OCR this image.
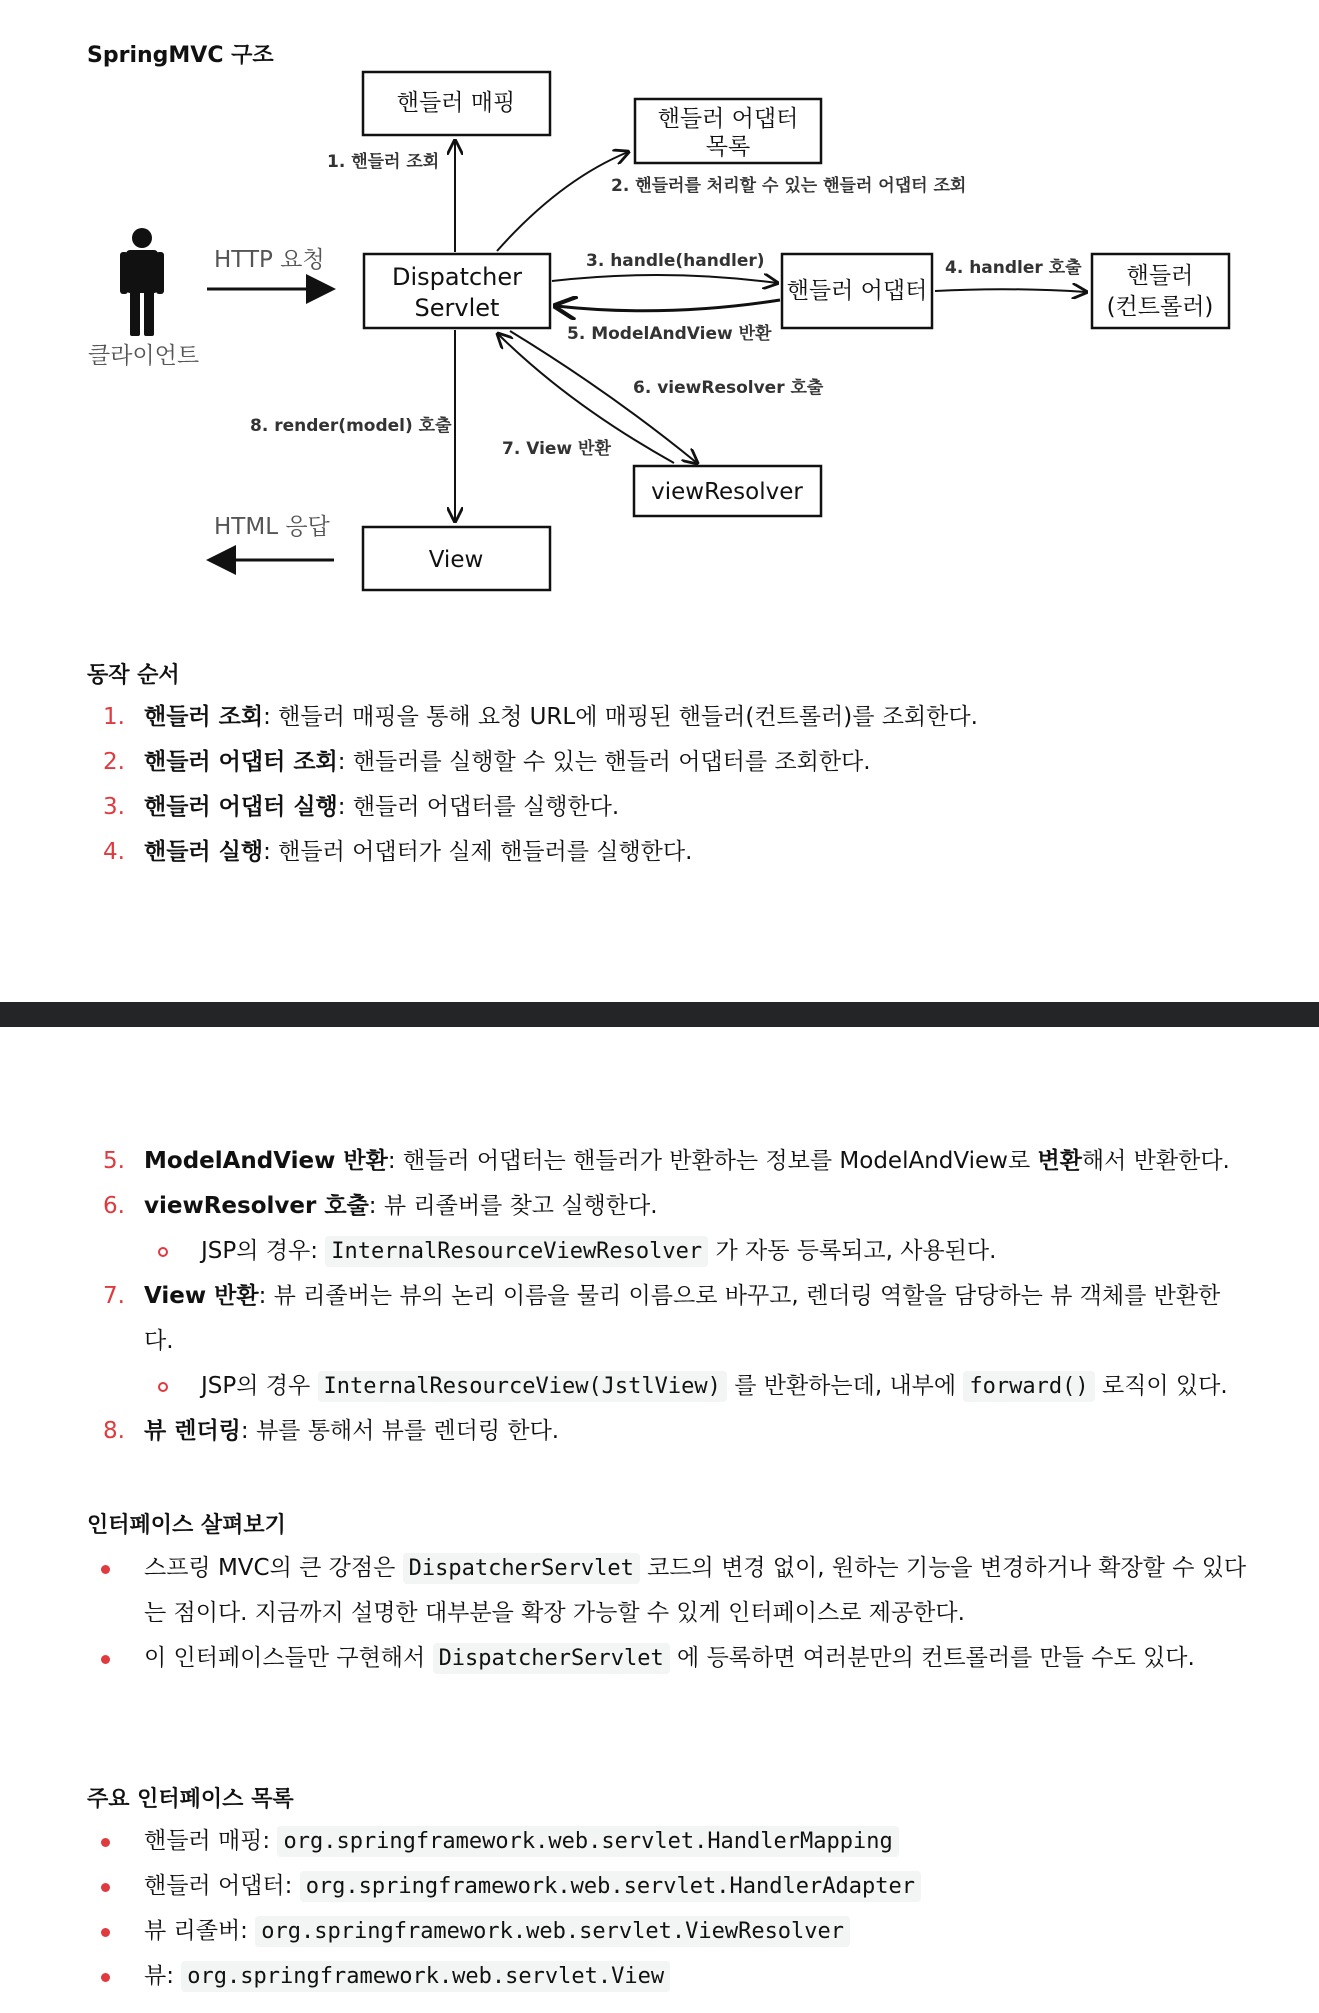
SpringMVC 구조
클라이언트
HTTP 요청
HTML 응답
핸들러 매핑
핸들러 어댑터
목록
Dispatcher
Servlet
핸들러 어댑터
핸들러
(컨트롤러)
viewResolver
View
1. 핸들러 조회
2. 핸들러를 처리할 수 있는 핸들러 어댑터 조회
3. handle(handler)
5. ModelAndView 반환
4. handler 호출
6. viewResolver 호출
7. View 반환
8. render(model) 호출
동작 순서
1. 핸들러 조회: 핸들러 매핑을 통해 요청 URL에 매핑된 핸들러(컨트롤러)를 조회한다.
2. 핸들러 어댑터 조회: 핸들러를 실행할 수 있는 핸들러 어댑터를 조회한다.
3. 핸들러 어댑터 실행: 핸들러 어댑터를 실행한다.
4. 핸들러 실행: 핸들러 어댑터가 실제 핸들러를 실행한다.
5. ModelAndView 반환: 핸들러 어댑터는 핸들러가 반환하는 정보를 ModelAndView로 변환해서 반환한다.
6. viewResolver 호출: 뷰 리졸버를 찾고 실행한다.
JSP의 경우: InternalResourceViewResolver 가 자동 등록되고, 사용된다.
7. View 반환: 뷰 리졸버는 뷰의 논리 이름을 물리 이름으로 바꾸고, 렌더링 역할을 담당하는 뷰 객체를 반환한다.
JSP의 경우 InternalResourceView(JstlView) 를 반환하는데, 내부에 forward() 로직이 있다.
8. 뷰 렌더링: 뷰를 통해서 뷰를 렌더링 한다.
인터페이스 살펴보기
스프링 MVC의 큰 강점은 DispatcherServlet 코드의 변경 없이, 원하는 기능을 변경하거나 확장할 수 있다는 점이다. 지금까지 설명한 대부분을 확장 가능할 수 있게 인터페이스로 제공한다.
이 인터페이스들만 구현해서 DispatcherServlet 에 등록하면 여러분만의 컨트롤러를 만들 수도 있다.
주요 인터페이스 목록
핸들러 매핑: org.springframework.web.servlet.HandlerMapping
핸들러 어댑터: org.springframework.web.servlet.HandlerAdapter
뷰 리졸버: org.springframework.web.servlet.ViewResolver
뷰: org.springframework.web.servlet.View
